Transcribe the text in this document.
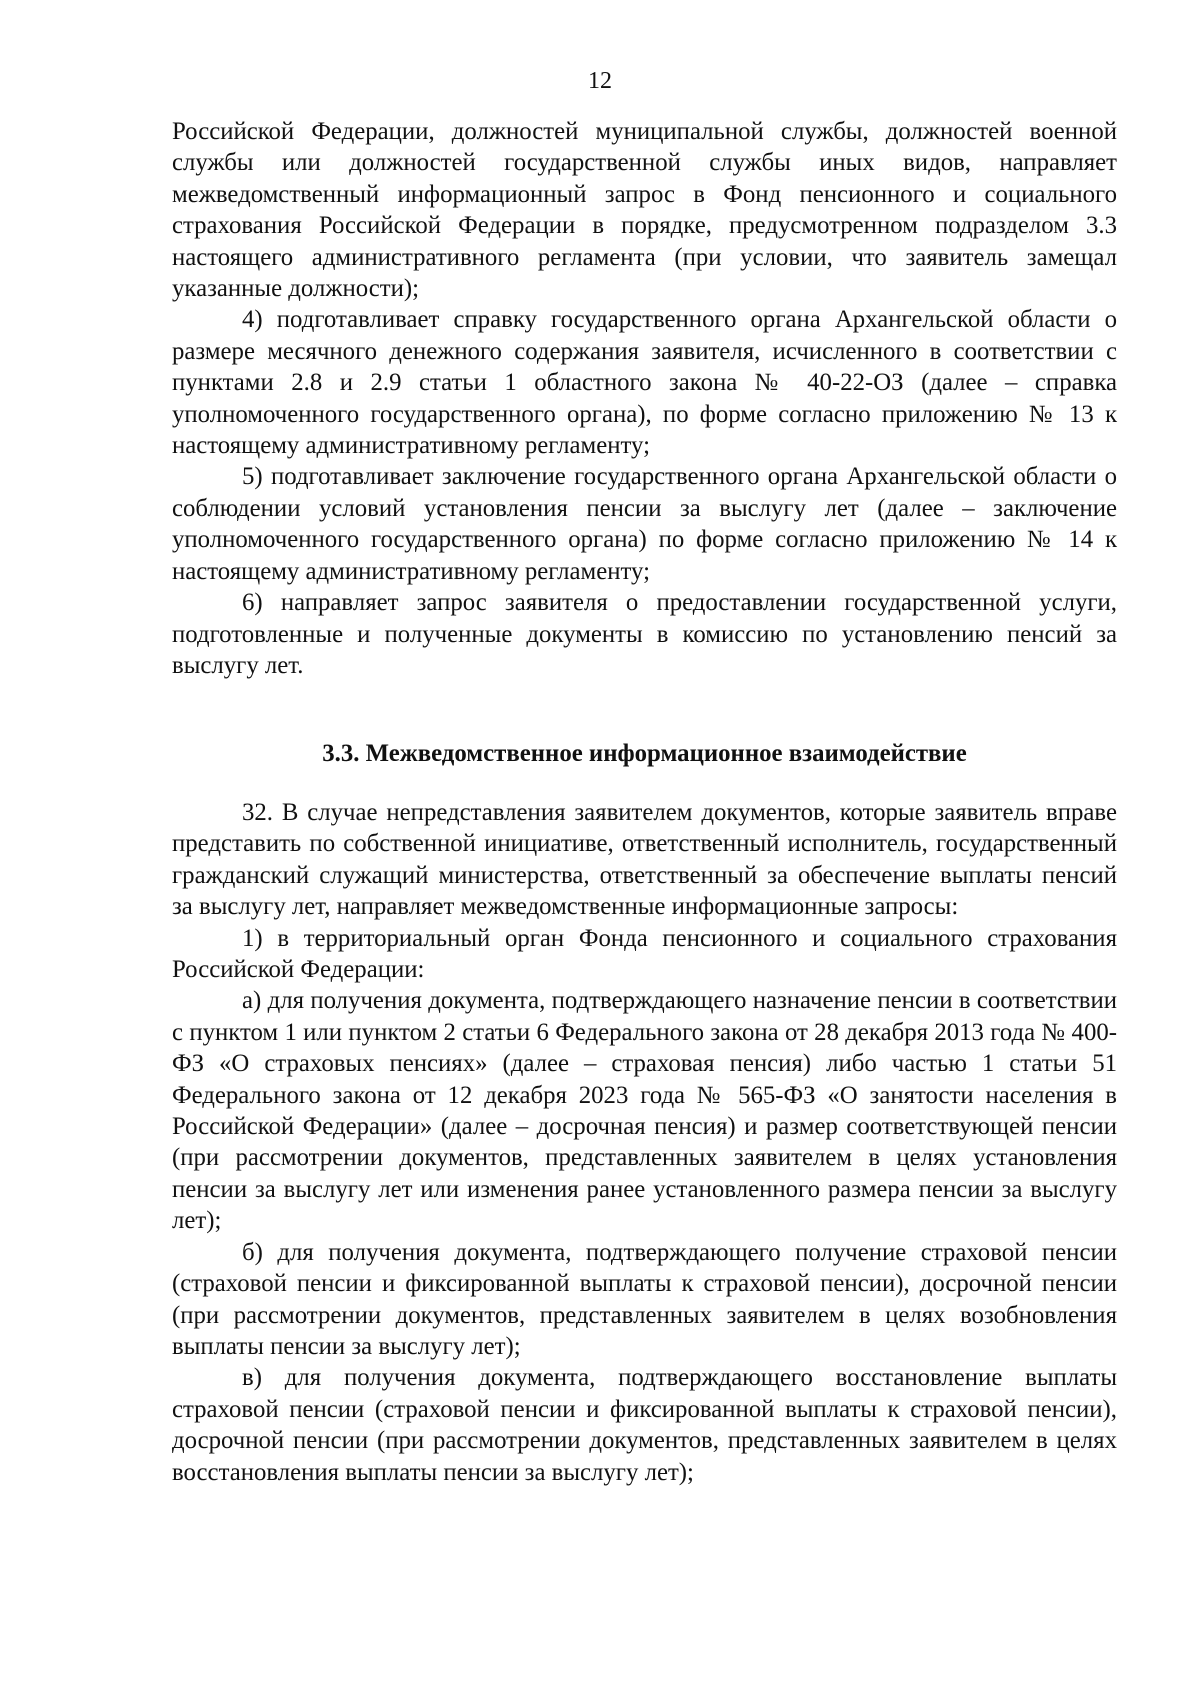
12

Российской Федерации, должностей муниципальной службы, должностей военной службы или должностей государственной службы иных видов, направляет межведомственный информационный запрос в Фонд пенсионного и социального страхования Российской Федерации в порядке, предусмотренном подразделом 3.3 настоящего административного регламента (при условии, что заявитель замещал указанные должности);

4) подготавливает справку государственного органа Архангельской области о размере месячного денежного содержания заявителя, исчисленного в соответствии с пунктами 2.8 и 2.9 статьи 1 областного закона № 40-22-ОЗ (далее – справка уполномоченного государственного органа), по форме согласно приложению № 13 к настоящему административному регламенту;

5) подготавливает заключение государственного органа Архангельской области о соблюдении условий установления пенсии за выслугу лет (далее – заключение уполномоченного государственного органа) по форме согласно приложению № 14 к настоящему административному регламенту;

6) направляет запрос заявителя о предоставлении государственной услуги, подготовленные и полученные документы в комиссию по установлению пенсий за выслугу лет.

3.3. Межведомственное информационное взаимодействие

32. В случае непредставления заявителем документов, которые заявитель вправе представить по собственной инициативе, ответственный исполнитель, государственный гражданский служащий министерства, ответственный за обеспечение выплаты пенсий за выслугу лет, направляет межведомственные информационные запросы:

1) в территориальный орган Фонда пенсионного и социального страхования Российской Федерации:

а) для получения документа, подтверждающего назначение пенсии в соответствии с пунктом 1 или пунктом 2 статьи 6 Федерального закона от 28 декабря 2013 года № 400-ФЗ «О страховых пенсиях» (далее – страховая пенсия) либо частью 1 статьи 51 Федерального закона от 12 декабря 2023 года № 565-ФЗ «О занятости населения в Российской Федерации» (далее – досрочная пенсия) и размер соответствующей пенсии (при рассмотрении документов, представленных заявителем в целях установления пенсии за выслугу лет или изменения ранее установленного размера пенсии за выслугу лет);

б) для получения документа, подтверждающего получение страховой пенсии (страховой пенсии и фиксированной выплаты к страховой пенсии), досрочной пенсии (при рассмотрении документов, представленных заявителем в целях возобновления выплаты пенсии за выслугу лет);

в) для получения документа, подтверждающего восстановление выплаты страховой пенсии (страховой пенсии и фиксированной выплаты к страховой пенсии), досрочной пенсии (при рассмотрении документов, представленных заявителем в целях восстановления выплаты пенсии за выслугу лет);
